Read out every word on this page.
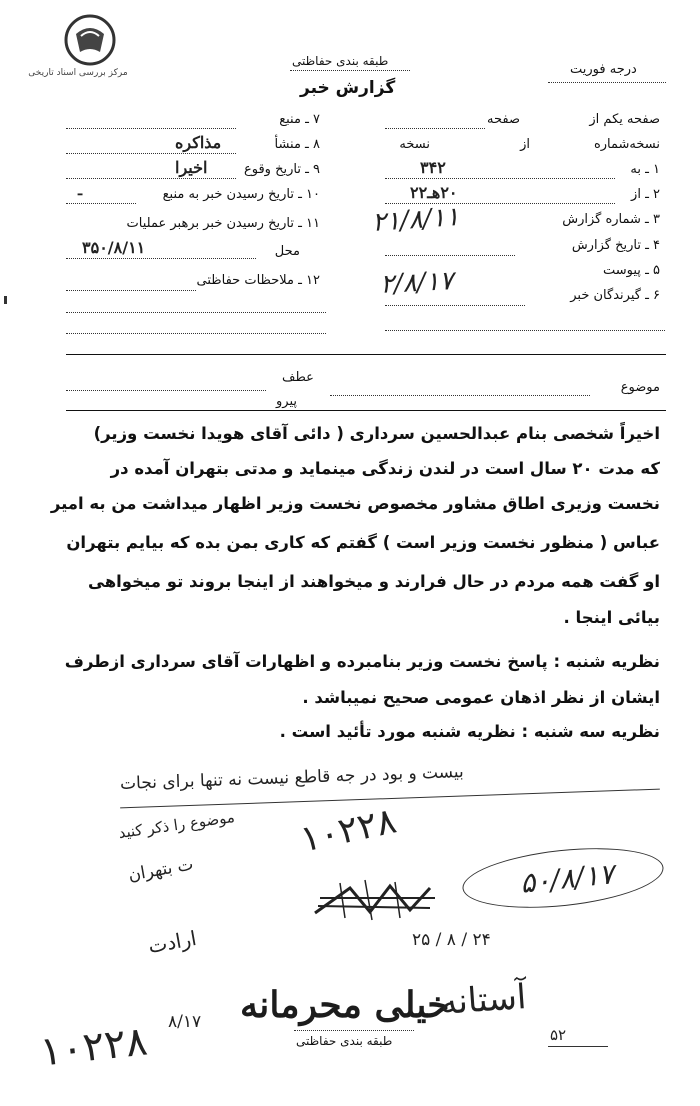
مرکز بررسی اسناد تاریخی
طبقه بندی حفاظتی
گزارش خبر
درجه فوریت
صفحه یکم از
صفحه
نسخه‌شماره
از
نسخه
۱ ـ به
۳۴۲
۲ ـ از
۲۰هـ۲۲
۳ ـ شماره گزارش
۲۱/۸/۱۱
۴ ـ تاریخ گزارش
۵ ـ پیوست
۲/۸/۱۷	۶ ـ گیرندگان خبر
۷ ـ منبع
۸ ـ منشأ
مذاکره
۹ ـ تاریخ وقوع
اخیرا
۱۰ ـ تاریخ رسیدن خبر به منبع
ـ
۱۱ ـ تاریخ رسیدن خبر برهبر عملیات
محل
۳۵۰/۸/۱۱
۱۲ ـ ملاحظات حفاظتی
عطف
پیرو
موضوع
اخیراً شخصی بنام عبدالحسین سرداری ( دائی آقای هویدا نخست وزیر)
که مدت ۲۰ سال است در لندن زندگی مینماید و مدتی بتهران آمده در
نخست وزیری اطاق مشاور مخصوص نخست وزیر اظهار میداشت من به امیر
عباس ( منظور نخست وزیر است ) گفتم که کاری بمن بده که بیایم بتهران
او گفت همه مردم در حال فرارند و میخواهند از اینجا بروند تو میخواهی
بیائی اینجا .
نظریه شنبه : پاسخ نخست وزیر بنامبرده و اظهارات آقای سرداری ازطرف
ایشان از نظر اذهان عمومی صحیح نمیباشد .
نظریه سه شنبه : نظریه شنبه مورد تأئید است .
بیست و بود در جه قاطع نیست نه تنها برای نجات
۱۰۲۲۸
موضوع را ذکر کنید
ت بتهران
ارادت
۵۰/۸/۱۷
۲۵ / ۸ / ۲۴
خیلی محرمانه
آستانه
۱۰۲۲۸ ۸/۱۷
۵۲
طبقه بندی حفاظتی
